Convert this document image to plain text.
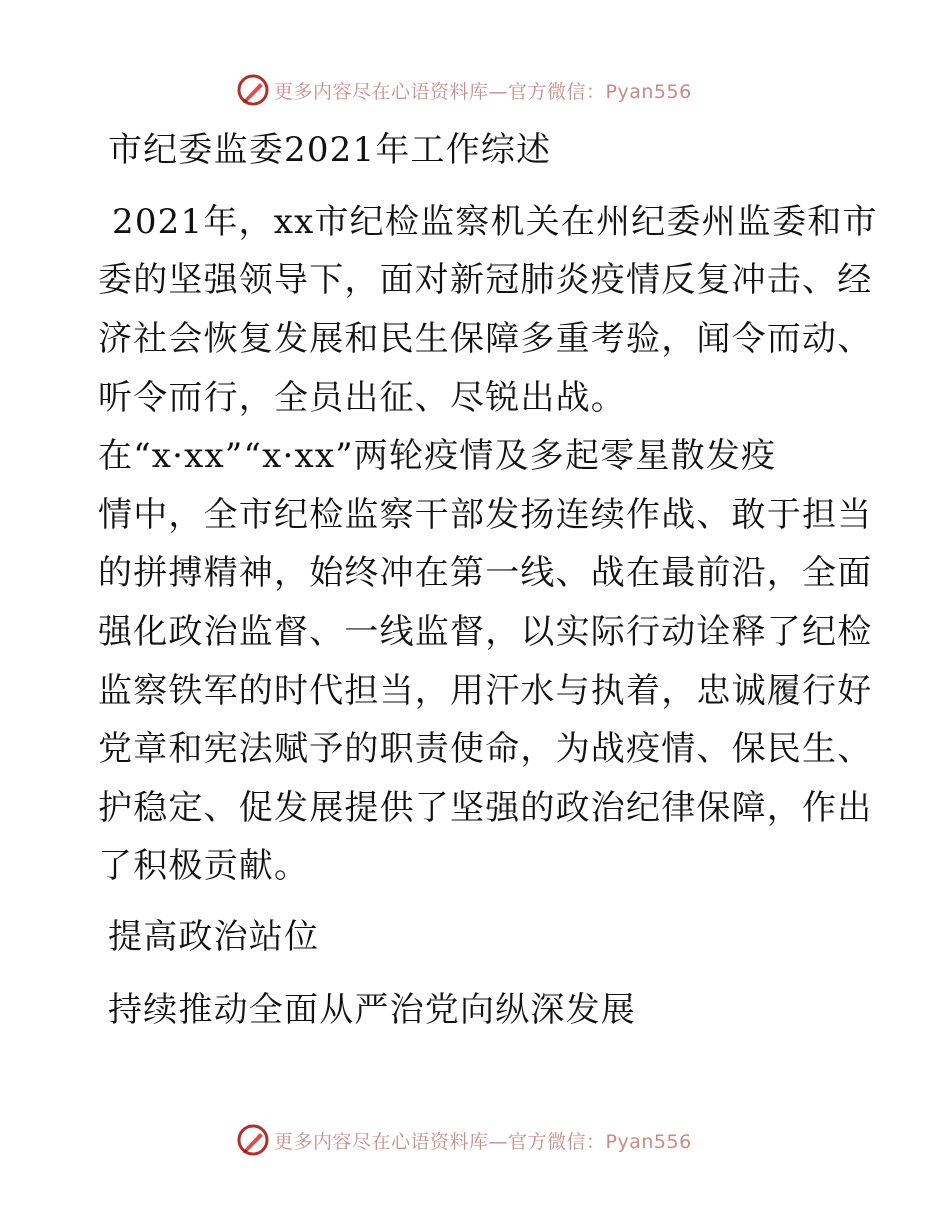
更多内容尽在心语资料库—官方微信：Pyan556
市纪委监委2021年工作综述
2021年，xx市纪检监察机关在州纪委州监委和市
委的坚强领导下，面对新冠肺炎疫情反复冲击、经
济社会恢复发展和民生保障多重考验，闻令而动、
听令而行，全员出征、尽锐出战。
在“x·xx”“x·xx”两轮疫情及多起零星散发疫
情中，全市纪检监察干部发扬连续作战、敢于担当
的拼搏精神，始终冲在第一线、战在最前沿，全面
强化政治监督、一线监督，以实际行动诠释了纪检
监察铁军的时代担当，用汗水与执着，忠诚履行好
党章和宪法赋予的职责使命，为战疫情、保民生、
护稳定、促发展提供了坚强的政治纪律保障，作出
了积极贡献。
提高政治站位
持续推动全面从严治党向纵深发展
更多内容尽在心语资料库—官方微信：Pyan556
